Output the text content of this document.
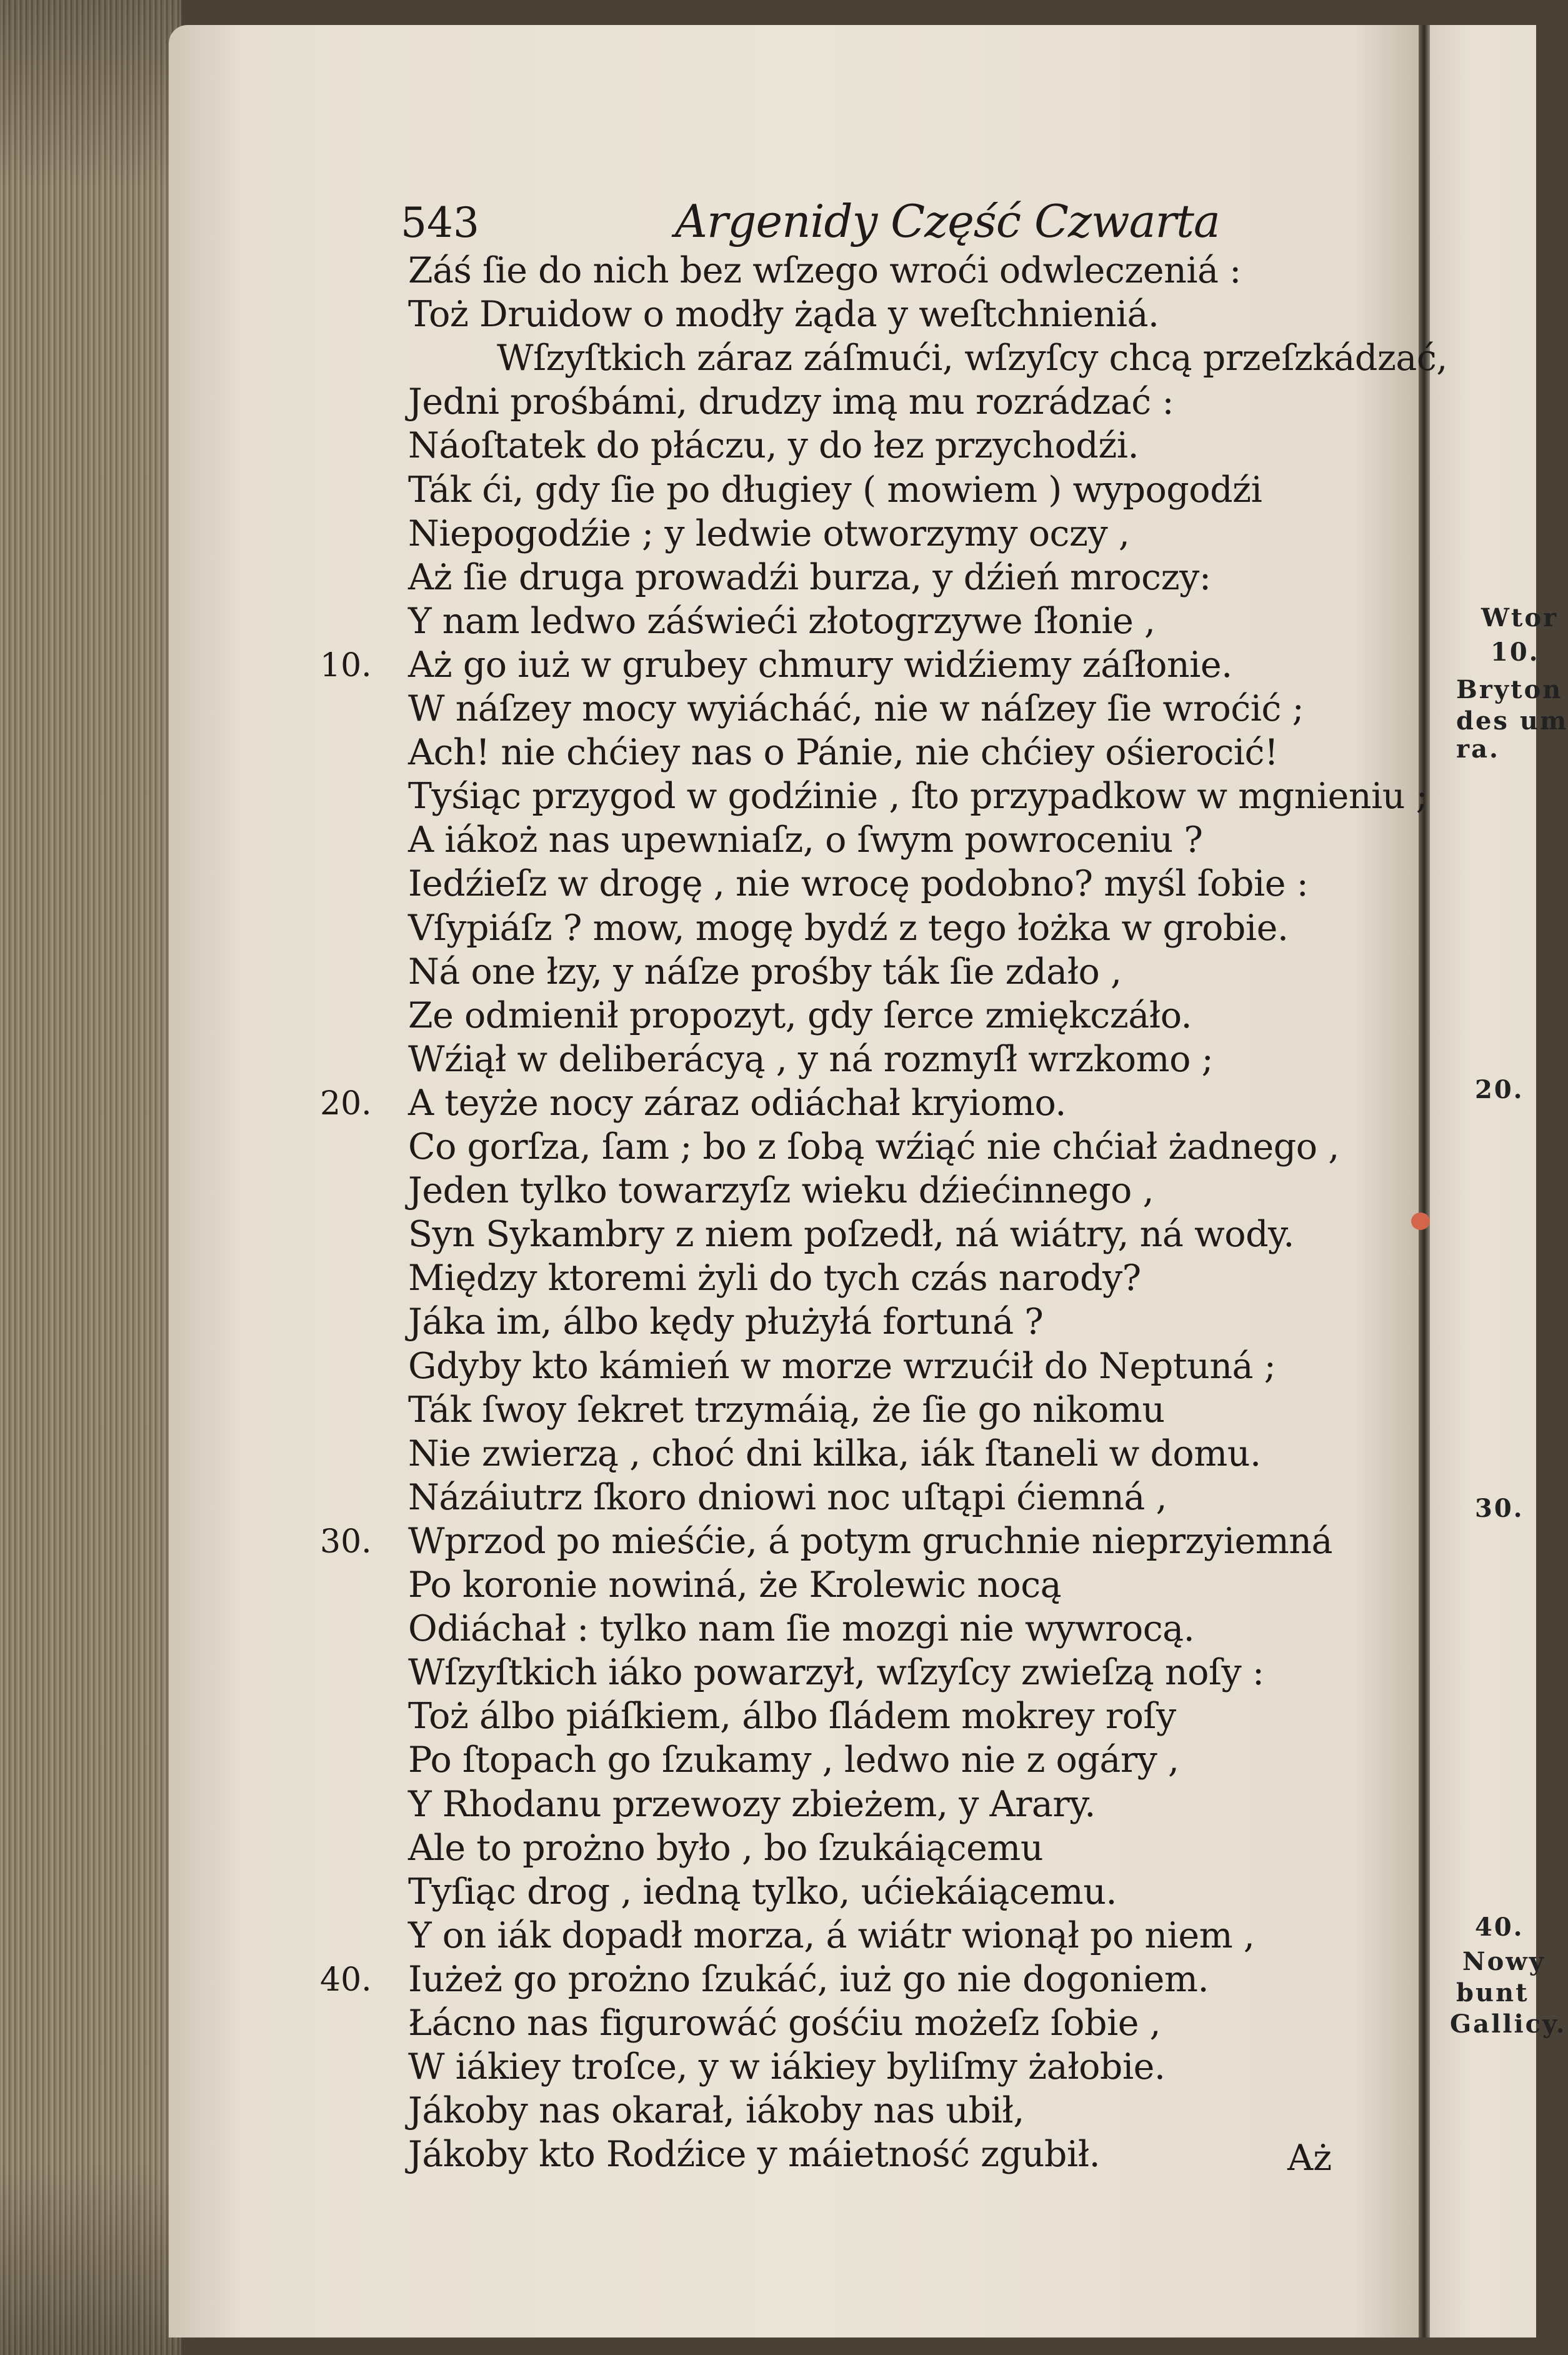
543	Argenidy Część Czwarta
Záś ſie do nich bez wſzego wroći odwleczeniá :
Toż Druidow o modły żąda y weſtchnieniá.
Wſzyſtkich záraz záſmući, wſzyſcy chcą przeſzkádzać,
Jedni prośbámi, drudzy imą mu rozrádzać :
Náoſtatek do płáczu, y do łez przychodźi.
Ták ći, gdy ſie po długiey ( mowiem ) wypogodźi
Niepogodźie ; y ledwie otworzymy oczy ,
Aż ſie druga prowadźi burza, y dźień mroczy:
Y nam ledwo záświeći złotogrzywe ſłonie ,
Aż go iuż w grubey chmury widźiemy záſłonie.
10.
W náſzey mocy wyiácháć, nie w náſzey ſie wroćić ;
Ach! nie chćiey nas o Pánie, nie chćiey ośierocić!
Tyśiąc przygod w godźinie , ſto przypadkow w mgnieniu ;
A iákoż nas upewniaſz, o ſwym powroceniu ?
Iedźieſz w drogę , nie wrocę podobno? myśl ſobie :
Vſypiáſz ? mow, mogę bydź z tego łożka w grobie.
Ná one łzy, y náſze prośby ták ſie zdało ,
Ze odmienił propozyt, gdy ſerce zmiękczáło.
Wźiął w deliberácyą , y ná rozmyſł wrzkomo ;
A teyże nocy záraz odiáchał kryiomo.
20.
Co gorſza, ſam ; bo z ſobą wźiąć nie chćiał żadnego ,
Jeden tylko towarzyſz wieku dźiećinnego ,
Syn Sykambry z niem poſzedł, ná wiátry, ná wody.
Między ktoremi żyli do tych czás narody?
Jáka im, álbo kędy płużyłá fortuná ?
Gdyby kto kámień w morze wrzućił do Neptuná ;
Ták ſwoy ſekret trzymáią, że ſie go nikomu
Nie zwierzą , choć dni kilka, iák ſtaneli w domu.
Názáiutrz ſkoro dniowi noc uſtąpi ćiemná ,
Wprzod po mieśćie, á potym gruchnie nieprzyiemná
30.
Po koronie nowiná, że Krolewic nocą
Odiáchał : tylko nam ſie mozgi nie wywrocą.
Wſzyſtkich iáko powarzył, wſzyſcy zwieſzą noſy :
Toż álbo piáſkiem, álbo ſládem mokrey roſy
Po ſtopach go ſzukamy , ledwo nie z ogáry ,
Y Rhodanu przewozy zbieżem, y Arary.
Ale to prożno było , bo ſzukáiącemu
Tyſiąc drog , iedną tylko, ućiekáiącemu.
Y on iák dopadł morza, á wiátr wionął po niem ,
Iużeż go prożno ſzukáć, iuż go nie dogoniem.
40.
Łácno nas figurowáć gośćiu możeſz ſobie ,
W iákiey troſce, y w iákiey byliſmy żałobie.
Jákoby nas okarał, iákoby nas ubił,
Jákoby kto Rodźice y máietność zgubił.	Aż
Wtor
10.
Bryton
des um
ra.
20.
30.
40.
Nowy
bunt
Gallicy.
